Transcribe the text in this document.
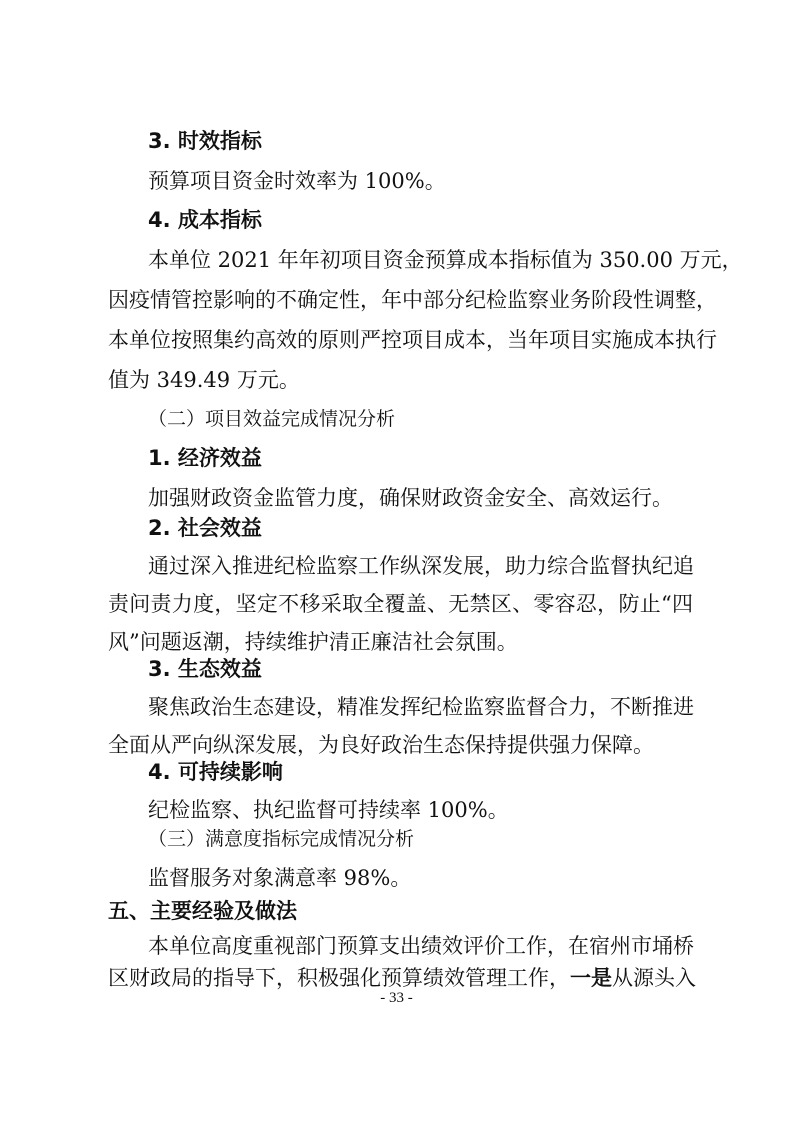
3. 时效指标
预算项目资金时效率为 100%。
4. 成本指标
本单位 2021 年年初项目资金预算成本指标值为 350.00 万元，
因疫情管控影响的不确定性，年中部分纪检监察业务阶段性调整，
本单位按照集约高效的原则严控项目成本，当年项目实施成本执行
值为 349.49 万元。
（二）项目效益完成情况分析
1. 经济效益
加强财政资金监管力度，确保财政资金安全、高效运行。
2. 社会效益
通过深入推进纪检监察工作纵深发展，助力综合监督执纪追
责问责力度，坚定不移采取全覆盖、无禁区、零容忍，防止“四
风”问题返潮，持续维护清正廉洁社会氛围。
3. 生态效益
聚焦政治生态建设，精准发挥纪检监察监督合力，不断推进
全面从严向纵深发展，为良好政治生态保持提供强力保障。
4. 可持续影响
纪检监察、执纪监督可持续率 100%。
（三）满意度指标完成情况分析
监督服务对象满意率 98%。
五、主要经验及做法
本单位高度重视部门预算支出绩效评价工作，在宿州市埇桥
区财政局的指导下，积极强化预算绩效管理工作，一是从源头入
- 33 -
